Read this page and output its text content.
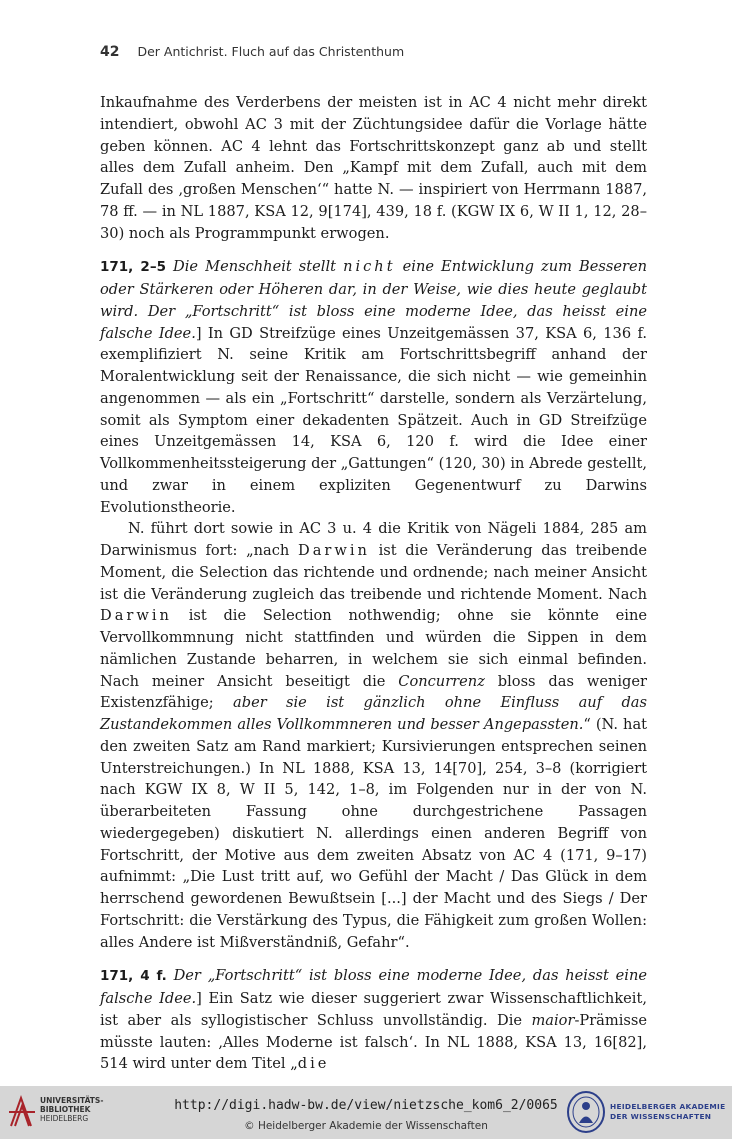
42 Der Antichrist. Fluch auf das Christenthum

Inkaufnahme des Verderbens der meisten ist in AC 4 nicht mehr direkt intendiert, obwohl AC 3 mit der Züchtungsidee dafür die Vorlage hätte geben können. AC 4 lehnt das Fortschrittskonzept ganz ab und stellt alles dem Zufall anheim. Den „Kampf mit dem Zufall, auch mit dem Zufall des ‚großen Menschen‘“ hatte N. — inspiriert von Herrmann 1887, 78 ff. — in NL 1887, KSA 12, 9[174], 439, 18 f. (KGW IX 6, W II 1, 12, 28–30) noch als Programmpunkt erwogen.

171, 2–5 Die Menschheit stellt nicht eine Entwicklung zum Besseren oder Stärkeren oder Höheren dar, in der Weise, wie dies heute geglaubt wird. Der „Fortschritt“ ist bloss eine moderne Idee, das heisst eine falsche Idee.] In GD Streifzüge eines Unzeitgemässen 37, KSA 6, 136 f. exemplifiziert N. seine Kritik am Fortschrittsbegriff anhand der Moralentwicklung seit der Renaissance, die sich nicht — wie gemeinhin angenommen — als ein „Fortschritt“ darstelle, sondern als Verzärtelung, somit als Symptom einer dekadenten Spätzeit. Auch in GD Streifzüge eines Unzeitgemässen 14, KSA 6, 120 f. wird die Idee einer Vollkommenheitssteigerung der „Gattungen“ (120, 30) in Abrede gestellt, und zwar in einem expliziten Gegenentwurf zu Darwins Evolutionstheorie.

N. führt dort sowie in AC 3 u. 4 die Kritik von Nägeli 1884, 285 am Darwinismus fort: „nach Darwin ist die Veränderung das treibende Moment, die Selection das richtende und ordnende; nach meiner Ansicht ist die Veränderung zugleich das treibende und richtende Moment. Nach Darwin ist die Selection nothwendig; ohne sie könnte eine Vervollkommnung nicht stattfinden und würden die Sippen in dem nämlichen Zustande beharren, in welchem sie sich einmal befinden. Nach meiner Ansicht beseitigt die Concurrenz bloss das weniger Existenzfähige; aber sie ist gänzlich ohne Einfluss auf das Zustandekommen alles Vollkommneren und besser Angepassten.“ (N. hat den zweiten Satz am Rand markiert; Kursivierungen entsprechen seinen Unterstreichungen.) In NL 1888, KSA 13, 14[70], 254, 3–8 (korrigiert nach KGW IX 8, W II 5, 142, 1–8, im Folgenden nur in der von N. überarbeiteten Fassung ohne durchgestrichene Passagen wiedergegeben) diskutiert N. allerdings einen anderen Begriff von Fortschritt, der Motive aus dem zweiten Absatz von AC 4 (171, 9–17) aufnimmt: „Die Lust tritt auf, wo Gefühl der Macht / Das Glück in dem herrschend gewordenen Bewußtsein [...] der Macht und des Siegs / Der Fortschritt: die Verstärkung des Typus, die Fähigkeit zum großen Wollen: alles Andere ist Mißverständniß, Gefahr“.

171, 4 f. Der „Fortschritt“ ist bloss eine moderne Idee, das heisst eine falsche Idee.] Ein Satz wie dieser suggeriert zwar Wissenschaftlichkeit, ist aber als syllogistischer Schluss unvollständig. Die maior-Prämisse müsste lauten: ‚Alles Moderne ist falsch‘. In NL 1888, KSA 13, 16[82], 514 wird unter dem Titel „die

UNIVERSITÄTS-
BIBLIOTHEK
HEIDELBERG
http://digi.hadw-bw.de/view/nietzsche_kom6_2/0065
© Heidelberger Akademie der Wissenschaften
HEIDELBERGER AKADEMIE
DER WISSENSCHAFTEN
